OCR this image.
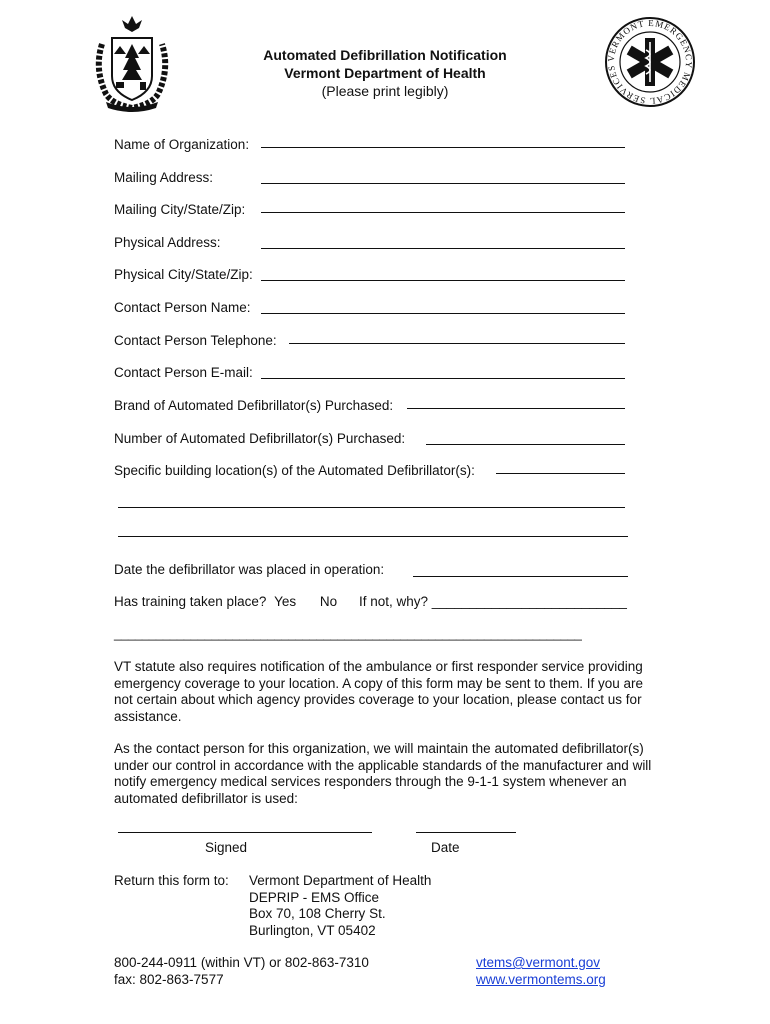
Automated Defibrillation Notification
Vermont Department of Health
(Please print legibly)
VERMONT EMERGENCY MEDICAL SERVICES
Name of Organization:
Mailing Address:
Mailing City/State/Zip:
Physical Address:
Physical City/State/Zip:
Contact Person Name:
Contact Person Telephone:
Contact Person E-mail:
Brand of Automated Defibrillator(s) Purchased:
Number of Automated Defibrillator(s) Purchased:
Specific building location(s) of the Automated Defibrillator(s):
Date the defibrillator was placed in operation:
Has training taken place? Yes No If not, why? __________________________
___________________________________________________________________
VT statute also requires notification of the ambulance or first responder service providing emergency coverage to your location. A copy of this form may be sent to them. If you are not certain about which agency provides coverage to your location, please contact us for assistance.
As the contact person for this organization, we will maintain the automated defibrillator(s) under our control in accordance with the applicable standards of the manufacturer and will notify emergency medical services responders through the 9-1-1 system whenever an automated defibrillator is used:
Signed	Date
Return this form to: Vermont Department of Health
DEPRIP - EMS Office
Box 70, 108 Cherry St.
Burlington, VT 05402
800-244-0911 (within VT) or 802-863-7310
fax: 802-863-7577
vtems@vermont.gov
www.vermontems.org
